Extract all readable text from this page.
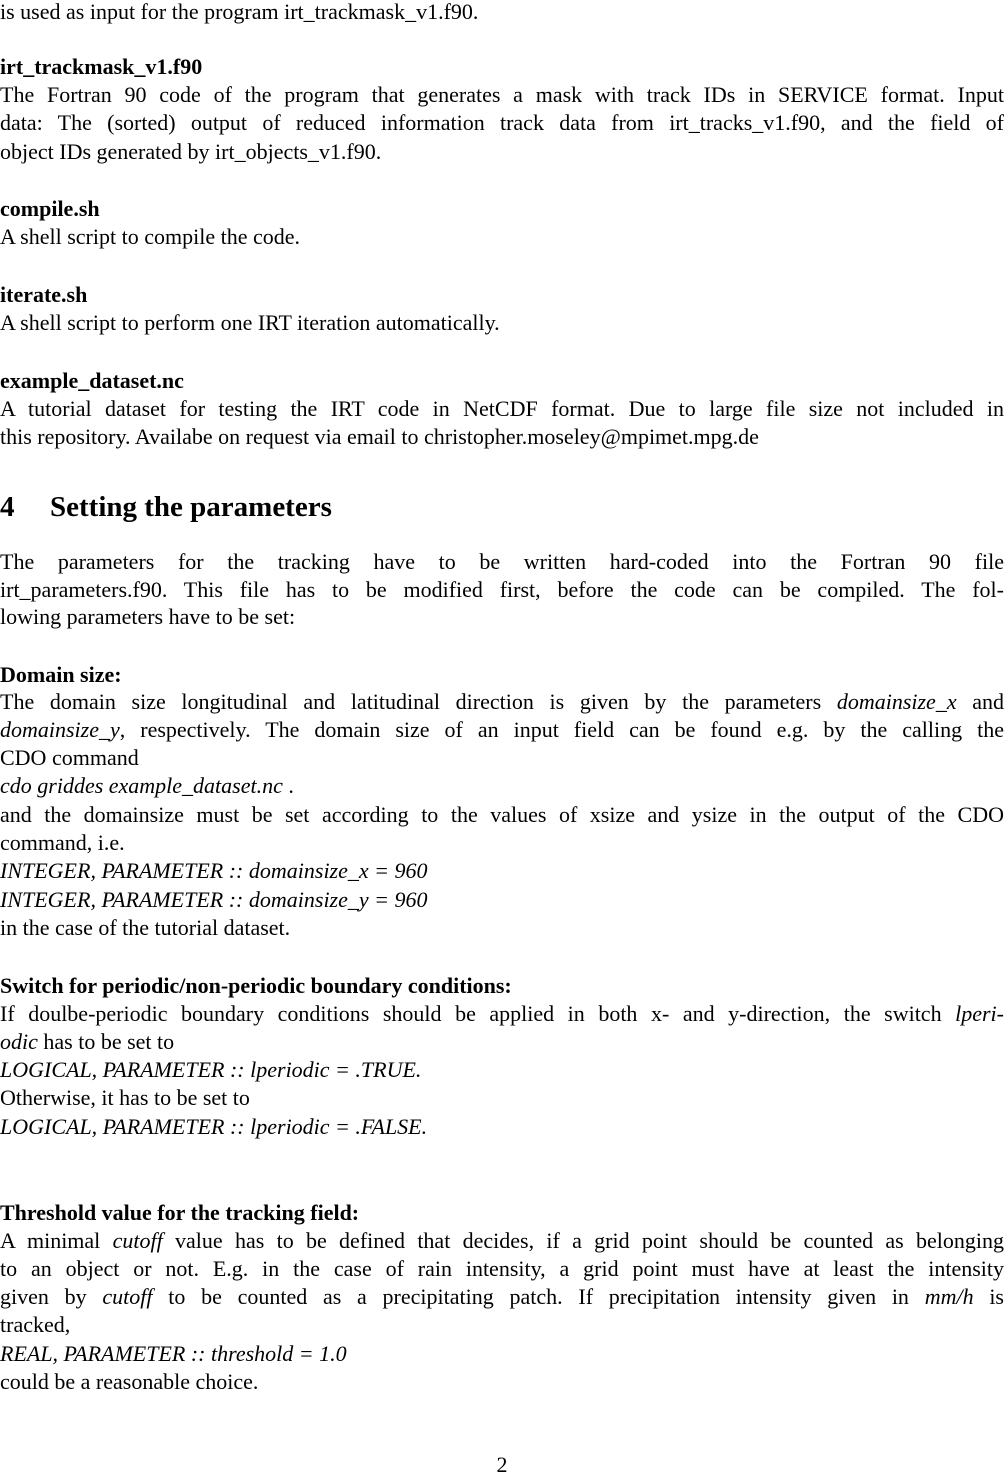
is used as input for the program irt_trackmask_v1.f90.
irt_trackmask_v1.f90
The Fortran 90 code of the program that generates a mask with track IDs in SERVICE format. Input
data: The (sorted) output of reduced information track data from irt_tracks_v1.f90, and the field of
object IDs generated by irt_objects_v1.f90.
compile.sh
A shell script to compile the code.
iterate.sh
A shell script to perform one IRT iteration automatically.
example_dataset.nc
A tutorial dataset for testing the IRT code in NetCDF format. Due to large file size not included in
this repository. Availabe on request via email to christopher.moseley@mpimet.mpg.de
4 Setting the parameters
The parameters for the tracking have to be written hard-coded into the Fortran 90 file
irt_parameters.f90. This file has to be modified first, before the code can be compiled. The fol-
lowing parameters have to be set:
Domain size:
The domain size longitudinal and latitudinal direction is given by the parameters domainsize_x and
domainsize_y, respectively. The domain size of an input field can be found e.g. by the calling the
CDO command
cdo griddes example_dataset.nc .
and the domainsize must be set according to the values of xsize and ysize in the output of the CDO
command, i.e.
INTEGER, PARAMETER :: domainsize_x = 960
INTEGER, PARAMETER :: domainsize_y = 960
in the case of the tutorial dataset.
Switch for periodic/non-periodic boundary conditions:
If doulbe-periodic boundary conditions should be applied in both x- and y-direction, the switch lperi-
odic has to be set to
LOGICAL, PARAMETER :: lperiodic = .TRUE.
Otherwise, it has to be set to
LOGICAL, PARAMETER :: lperiodic = .FALSE.
Threshold value for the tracking field:
A minimal cutoff value has to be defined that decides, if a grid point should be counted as belonging
to an object or not. E.g. in the case of rain intensity, a grid point must have at least the intensity
given by cutoff to be counted as a precipitating patch. If precipitation intensity given in mm/h is
tracked,
REAL, PARAMETER :: threshold = 1.0
could be a reasonable choice.
2
